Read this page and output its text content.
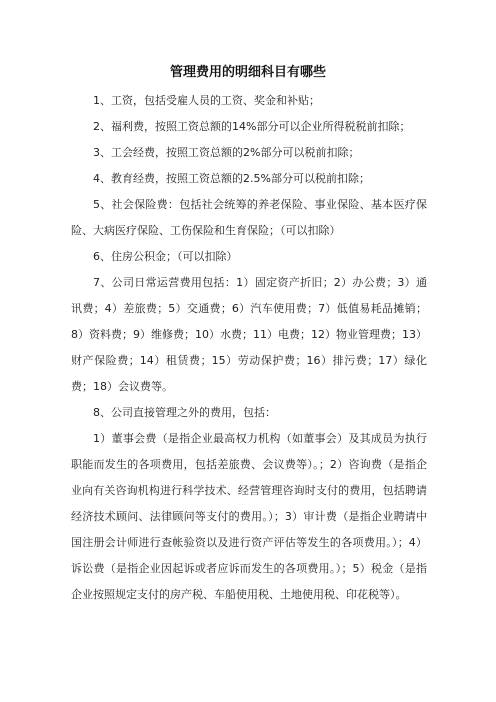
管理费用的明细科目有哪些

1、工资，包括受雇人员的工资、奖金和补贴；

2、福利费，按照工资总额的14%部分可以企业所得税税前扣除；

3、工会经费，按照工资总额的2%部分可以税前扣除；

4、教育经费，按照工资总额的2.5%部分可以税前扣除；

5、社会保险费：包括社会统筹的养老保险、事业保险、基本医疗保险、大病医疗保险、工伤保险和生育保险；（可以扣除）

6、住房公积金；（可以扣除）

7、公司日常运营费用包括：1）固定资产折旧；2）办公费；3）通讯费；4）差旅费；5）交通费；6）汽车使用费；7）低值易耗品摊销；8）资料费；9）维修费；10）水费；11）电费；12）物业管理费；13）财产保险费；14）租赁费；15）劳动保护费；16）排污费；17）绿化费；18）会议费等。

8、公司直接管理之外的费用，包括：

1）董事会费（是指企业最高权力机构（如董事会）及其成员为执行职能而发生的各项费用，包括差旅费、会议费等）。；2）咨询费（是指企业向有关咨询机构进行科学技术、经营管理咨询时支付的费用，包括聘请经济技术顾问、法律顾问等支付的费用。）；3）审计费（是指企业聘请中国注册会计师进行查帐验资以及进行资产评估等发生的各项费用。）；4）诉讼费（是指企业因起诉或者应诉而发生的各项费用。）；5）税金（是指企业按照规定支付的房产税、车船使用税、土地使用税、印花税等）。
